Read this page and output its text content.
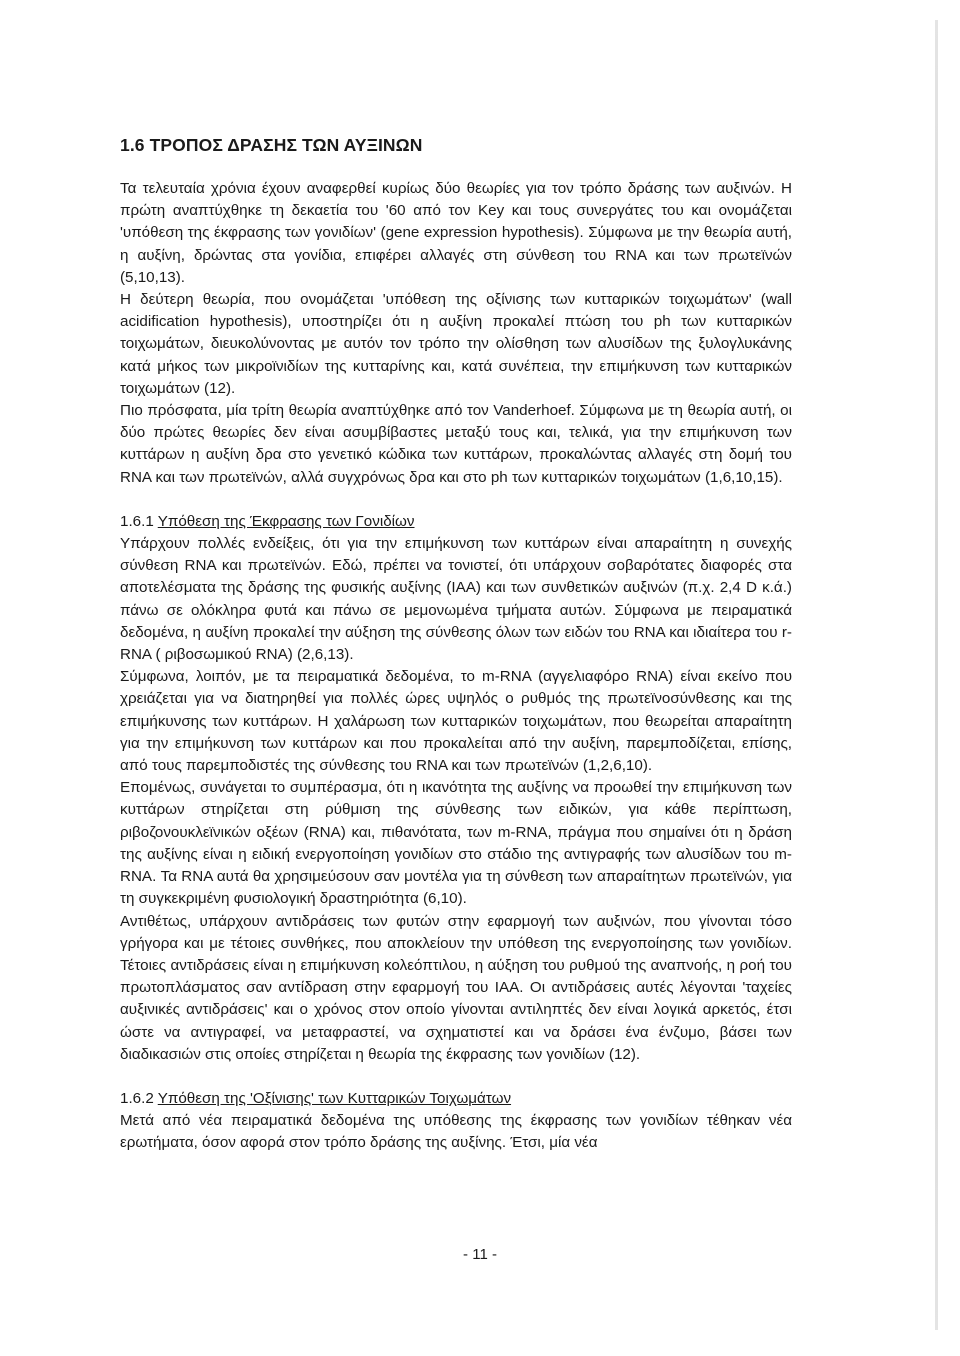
1.6 ΤΡΟΠΟΣ ΔΡΑΣΗΣ ΤΩΝ ΑΥΞΙΝΩΝ

Τα τελευταία χρόνια έχουν αναφερθεί κυρίως δύο θεωρίες για τον τρόπο δράσης των αυξινών. Η πρώτη αναπτύχθηκε τη δεκαετία του '60 από τον Key και τους συνεργάτες του και ονομάζεται 'υπόθεση της έκφρασης των γονιδίων' (gene expression hypothesis). Σύμφωνα με την θεωρία αυτή, η αυξίνη, δρώντας στα γονίδια, επιφέρει αλλαγές στη σύνθεση του RNA και των πρωτεϊνών (5,10,13).

Η δεύτερη θεωρία, που ονομάζεται 'υπόθεση της οξίνισης των κυτταρικών τοιχωμάτων' (wall acidification hypothesis), υποστηρίζει ότι η αυξίνη προκαλεί πτώση του ph των κυτταρικών τοιχωμάτων, διευκολύνοντας με αυτόν τον τρόπο την ολίσθηση των αλυσίδων της ξυλογλυκάνης κατά μήκος των μικροϊνιδίων της κυτταρίνης και, κατά συνέπεια, την επιμήκυνση των κυτταρικών τοιχωμάτων (12).

Πιο πρόσφατα, μία τρίτη θεωρία αναπτύχθηκε από τον Vanderhoef. Σύμφωνα με τη θεωρία αυτή, οι δύο πρώτες θεωρίες δεν είναι ασυμβίβαστες μεταξύ τους και, τελικά, για την επιμήκυνση των κυττάρων η αυξίνη δρα στο γενετικό κώδικα των κυττάρων, προκαλώντας αλλαγές στη δομή του RNA και των πρωτεϊνών, αλλά συγχρόνως δρα και στο ph των κυτταρικών τοιχωμάτων (1,6,10,15).

1.6.1 Υπόθεση της Έκφρασης των Γονιδίων

Υπάρχουν πολλές ενδείξεις, ότι για την επιμήκυνση των κυττάρων είναι απαραίτητη η συνεχής σύνθεση RNA και πρωτεϊνών. Εδώ, πρέπει να τονιστεί, ότι υπάρχουν σοβαρότατες διαφορές στα αποτελέσματα της δράσης της φυσικής αυξίνης (ΙΑΑ) και των συνθετικών αυξινών (π.χ. 2,4 D κ.ά.) πάνω σε ολόκληρα φυτά και πάνω σε μεμονωμένα τμήματα αυτών. Σύμφωνα με πειραματικά δεδομένα, η αυξίνη προκαλεί την αύξηση της σύνθεσης όλων των ειδών του RNA και ιδιαίτερα του r-RNA ( ριβοσωμικού RNA) (2,6,13).

Σύμφωνα, λοιπόν, με τα πειραματικά δεδομένα, το m-RNA (αγγελιαφόρο RNA) είναι εκείνο που χρειάζεται για να διατηρηθεί για πολλές ώρες υψηλός ο ρυθμός της πρωτεϊνοσύνθεσης και της επιμήκυνσης των κυττάρων. Η χαλάρωση των κυτταρικών τοιχωμάτων, που θεωρείται απαραίτητη για την επιμήκυνση των κυττάρων και που προκαλείται από την αυξίνη, παρεμποδίζεται, επίσης, από τους παρεμποδιστές της σύνθεσης του RNA και των πρωτεϊνών (1,2,6,10).

Επομένως, συνάγεται το συμπέρασμα, ότι η ικανότητα της αυξίνης να προωθεί την επιμήκυνση των κυττάρων στηρίζεται στη ρύθμιση της σύνθεσης των ειδικών, για κάθε περίπτωση, ριβοζονουκλεϊνικών οξέων (RNA) και, πιθανότατα, των m-RNA, πράγμα που σημαίνει ότι η δράση της αυξίνης είναι η ειδική ενεργοποίηση γονιδίων στο στάδιο της αντιγραφής των αλυσίδων του m-RNA. Τα RNA αυτά θα χρησιμεύσουν σαν μοντέλα για τη σύνθεση των απαραίτητων πρωτεϊνών, για τη συγκεκριμένη φυσιολογική δραστηριότητα (6,10).

Αντιθέτως, υπάρχουν αντιδράσεις των φυτών στην εφαρμογή των αυξινών, που γίνονται τόσο γρήγορα και με τέτοιες συνθήκες, που αποκλείουν την υπόθεση της ενεργοποίησης των γονιδίων. Τέτοιες αντιδράσεις είναι η επιμήκυνση κολεόπτιλου, η αύξηση του ρυθμού της αναπνοής, η ροή του πρωτοπλάσματος σαν αντίδραση στην εφαρμογή του ΙΑΑ. Οι αντιδράσεις αυτές λέγονται 'ταχείες αυξινικές αντιδράσεις' και ο χρόνος στον οποίο γίνονται αντιληπτές δεν είναι λογικά αρκετός, έτσι ώστε να αντιγραφεί, να μεταφραστεί, να σχηματιστεί και να δράσει ένα ένζυμο, βάσει των διαδικασιών στις οποίες στηρίζεται η θεωρία της έκφρασης των γονιδίων (12).

1.6.2 Υπόθεση της 'Οξίνισης' των Κυτταρικών Τοιχωμάτων

Μετά από νέα πειραματικά δεδομένα της υπόθεσης της έκφρασης των γονιδίων τέθηκαν νέα ερωτήματα, όσον αφορά στον τρόπο δράσης της αυξίνης. Έτσι, μία νέα

- 11 -
